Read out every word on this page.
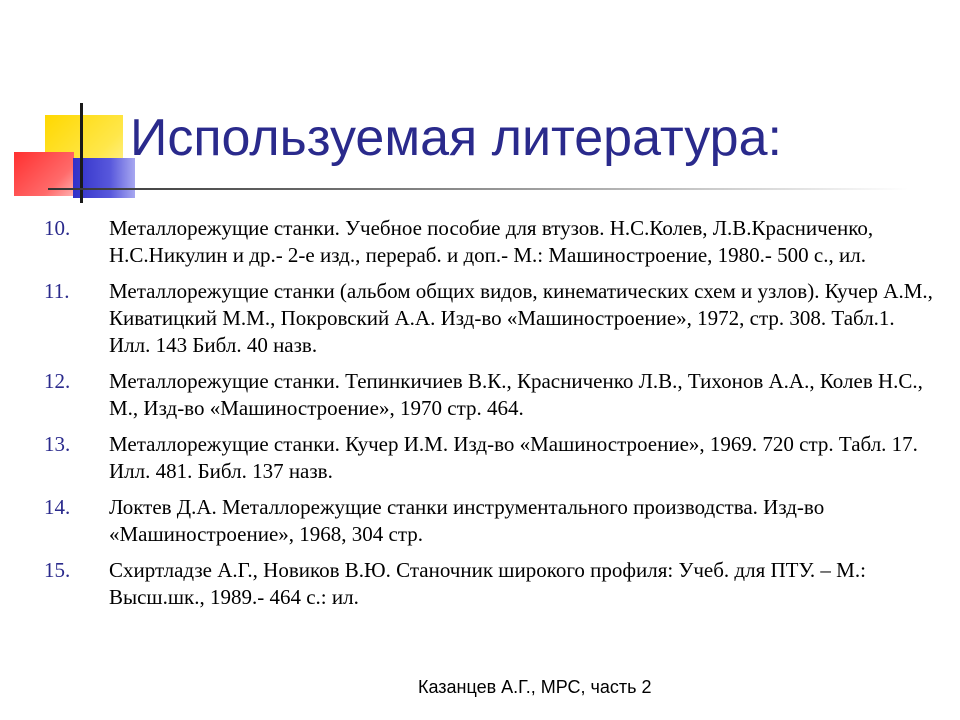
Используемая литература:
10. Металлорежущие станки. Учебное пособие для втузов. Н.С.Колев, Л.В.Красниченко, Н.С.Никулин и др.- 2-е изд., перераб. и доп.- М.: Машиностроение, 1980.- 500 с., ил.
11. Металлорежущие станки (альбом общих видов, кинематических схем и узлов). Кучер А.М., Киватицкий М.М., Покровский А.А. Изд-во «Машиностроение», 1972, стр. 308. Табл.1. Илл. 143 Библ. 40 назв.
12. Металлорежущие станки. Тепинкичиев В.К., Красниченко Л.В., Тихонов А.А., Колев Н.С., М., Изд-во «Машиностроение», 1970 стр. 464.
13. Металлорежущие станки. Кучер И.М. Изд-во «Машиностроение», 1969. 720 стр. Табл. 17. Илл. 481. Библ. 137 назв.
14. Локтев Д.А. Металлорежущие станки инструментального производства. Изд-во «Машиностроение», 1968, 304 стр.
15. Схиртладзе А.Г., Новиков В.Ю. Станочник широкого профиля: Учеб. для ПТУ. – М.: Высш.шк., 1989.- 464 с.: ил.
Казанцев А.Г., МРС, часть 2
